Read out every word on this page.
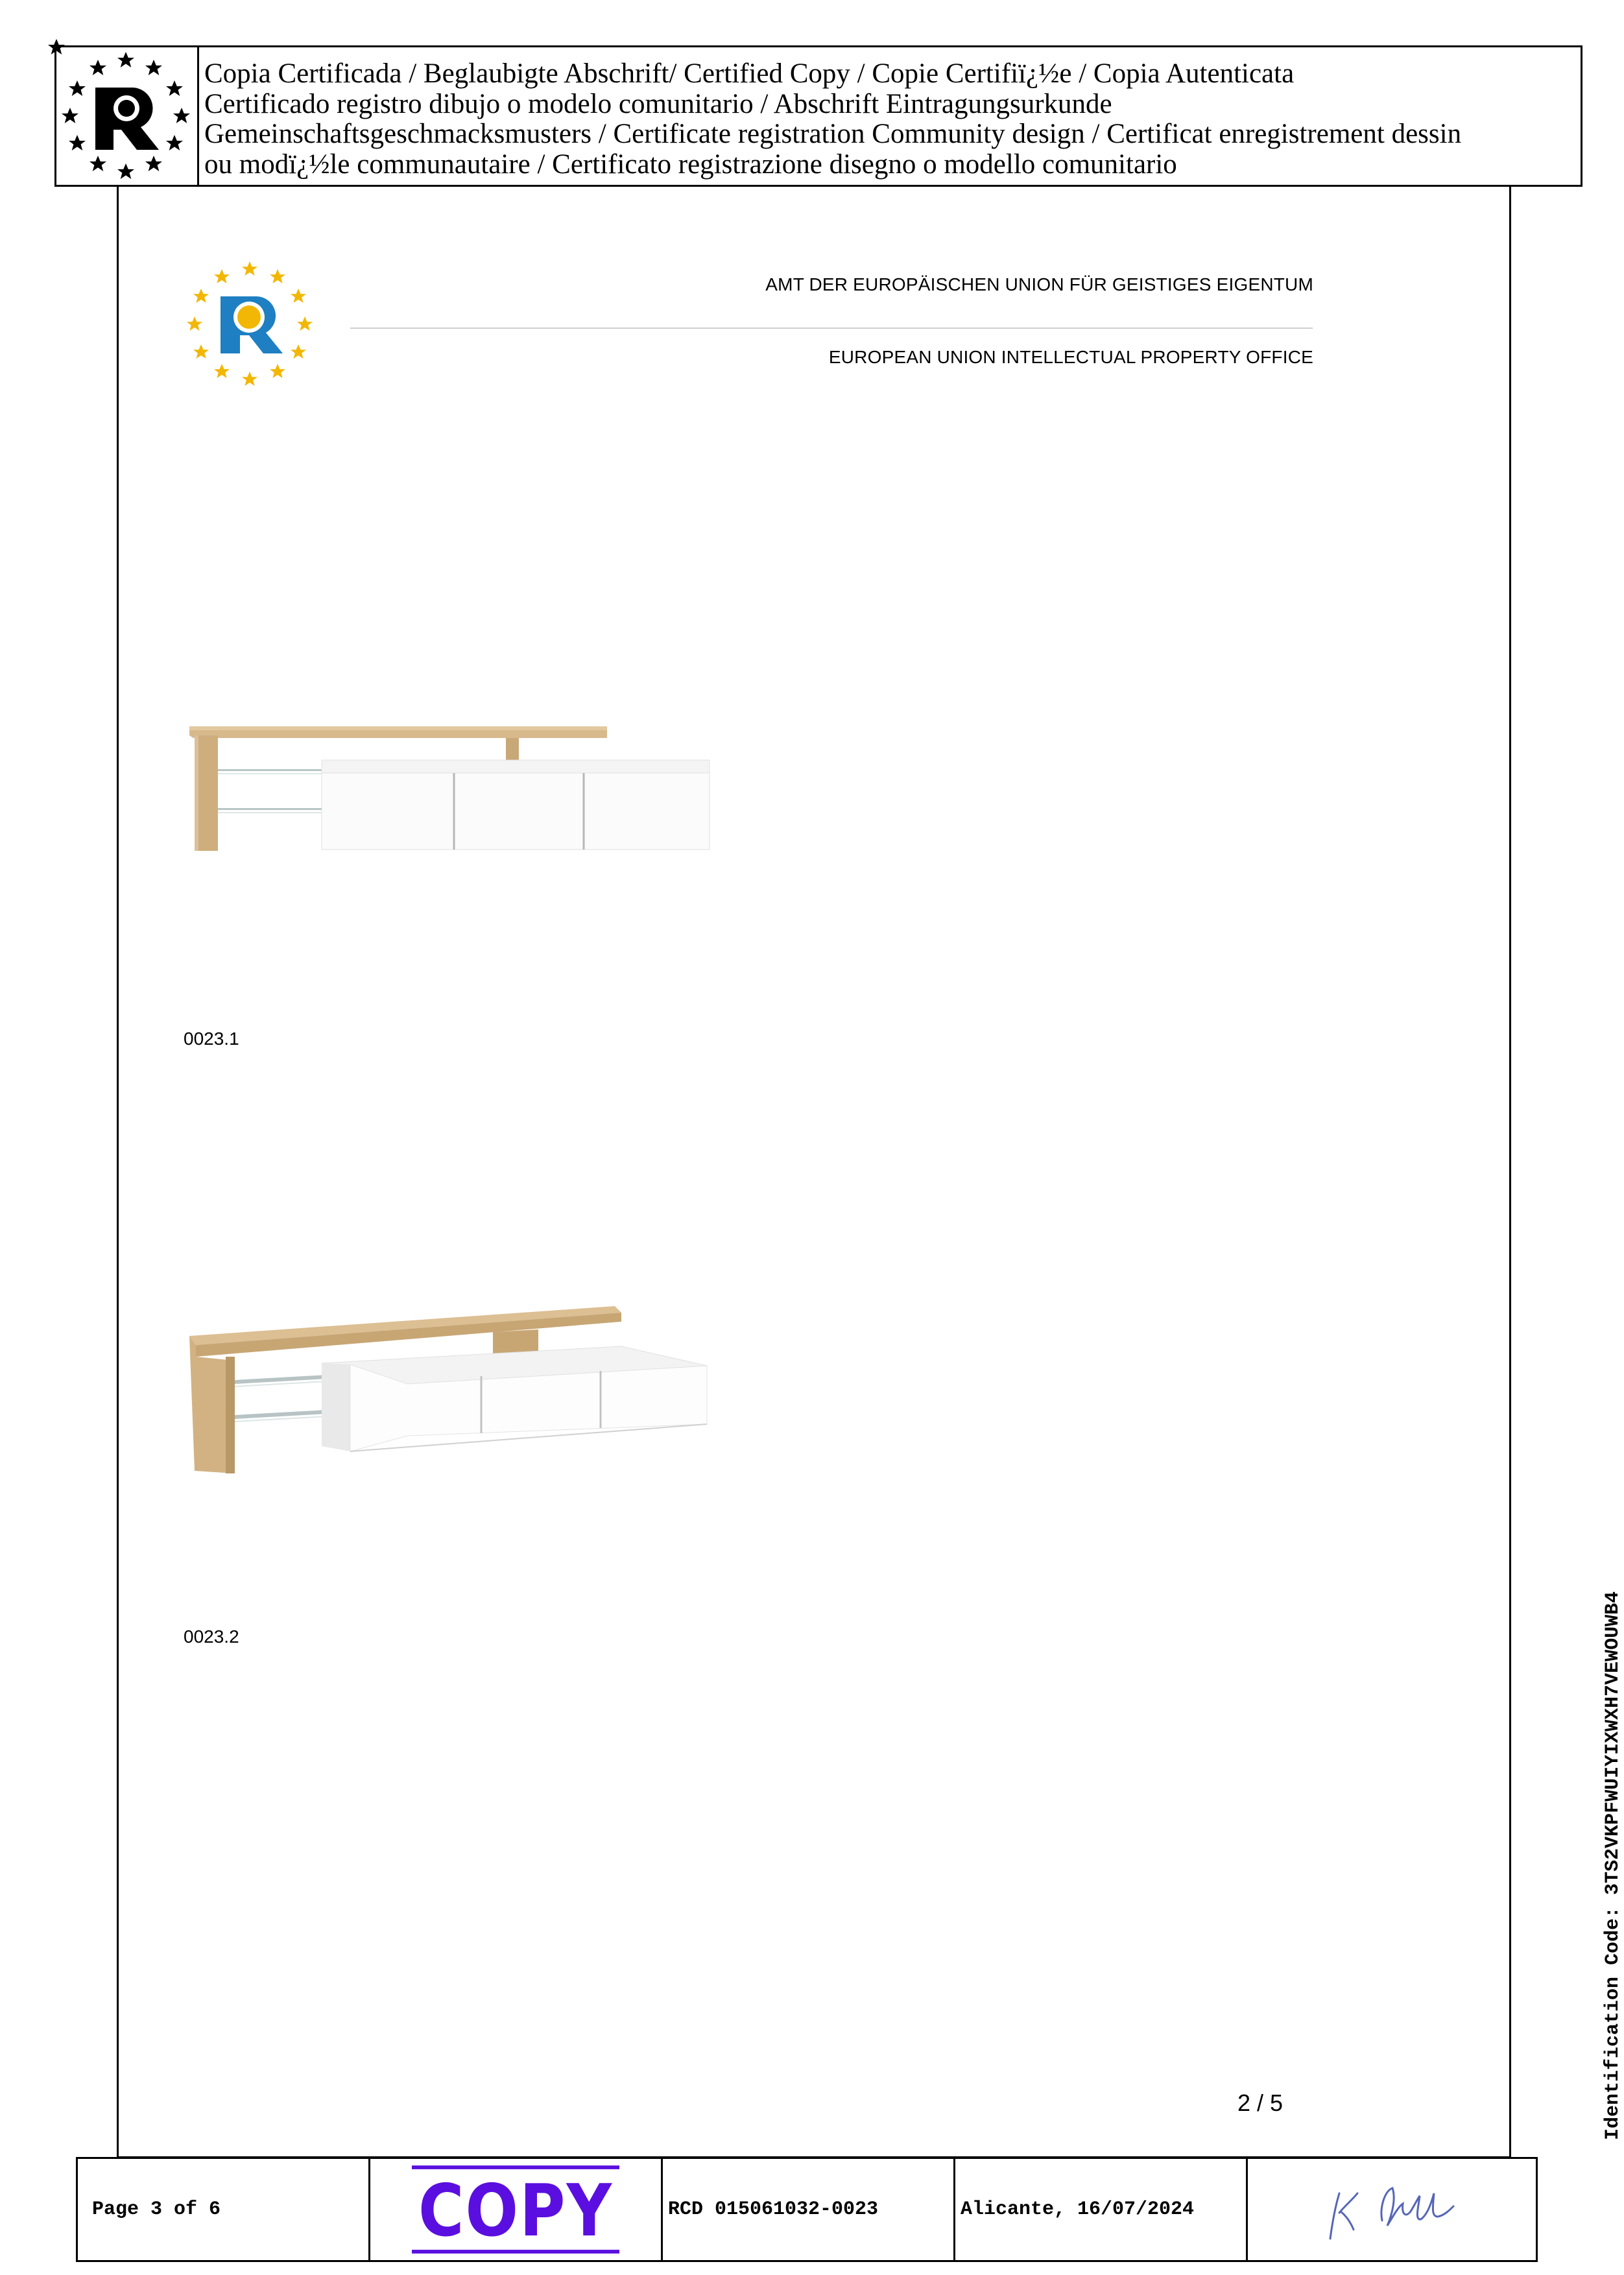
Copia Certificada / Beglaubigte Abschrift/ Certified Copy / Copie Certifiï¿½e / Copia Autenticata
Certificado registro dibujo o modelo comunitario / Abschrift Eintragungsurkunde
Gemeinschaftsgeschmacksmusters / Certificate registration Community design / Certificat enregistrement dessin
ou modï¿½le communautaire / Certificato registrazione disegno o modello comunitario
AMT DER EUROPÄISCHEN UNION FÜR GEISTIGES EIGENTUM
EUROPEAN UNION INTELLECTUAL PROPERTY OFFICE
0023.1
0023.2
2 / 5	Identification Code: 3TS2VKPFWUIYIXWXH7VEWOUWB4
Page 3 of 6	COPY	RCD 015061032-0023	Alicante, 16/07/2024
